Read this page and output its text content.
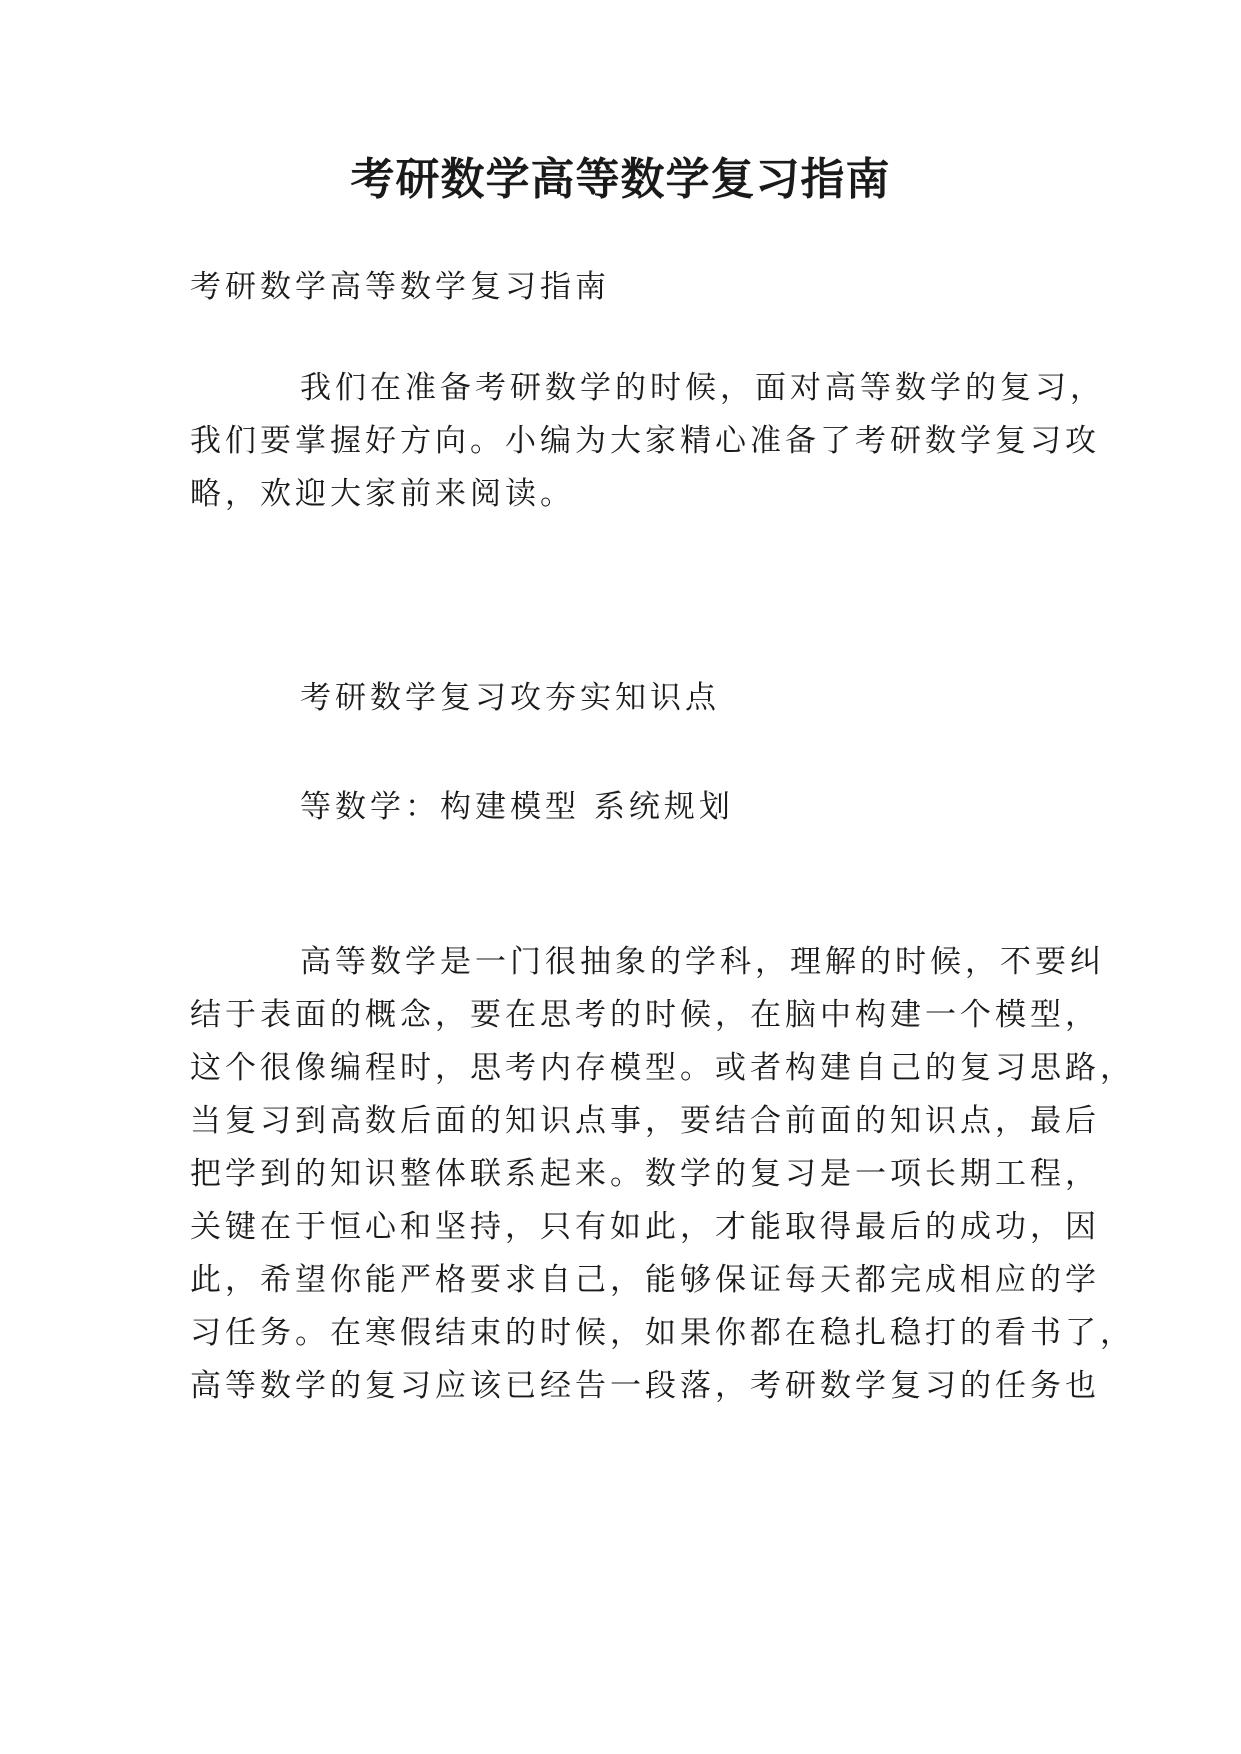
考研数学高等数学复习指南

考研数学高等数学复习指南

我们在准备考研数学的时候，面对高等数学的复习，

我们要掌握好方向。小编为大家精心准备了考研数学复习攻

略，欢迎大家前来阅读。

考研数学复习攻夯实知识点

等数学：构建模型 系统规划

高等数学是一门很抽象的学科，理解的时候，不要纠

结于表面的概念，要在思考的时候，在脑中构建一个模型，

这个很像编程时，思考内存模型。或者构建自己的复习思路，

当复习到高数后面的知识点事，要结合前面的知识点，最后

把学到的知识整体联系起来。数学的复习是一项长期工程，

关键在于恒心和坚持，只有如此，才能取得最后的成功，因

此，希望你能严格要求自己，能够保证每天都完成相应的学

习任务。在寒假结束的时候，如果你都在稳扎稳打的看书了，

高等数学的复习应该已经告一段落，考研数学复习的任务也
